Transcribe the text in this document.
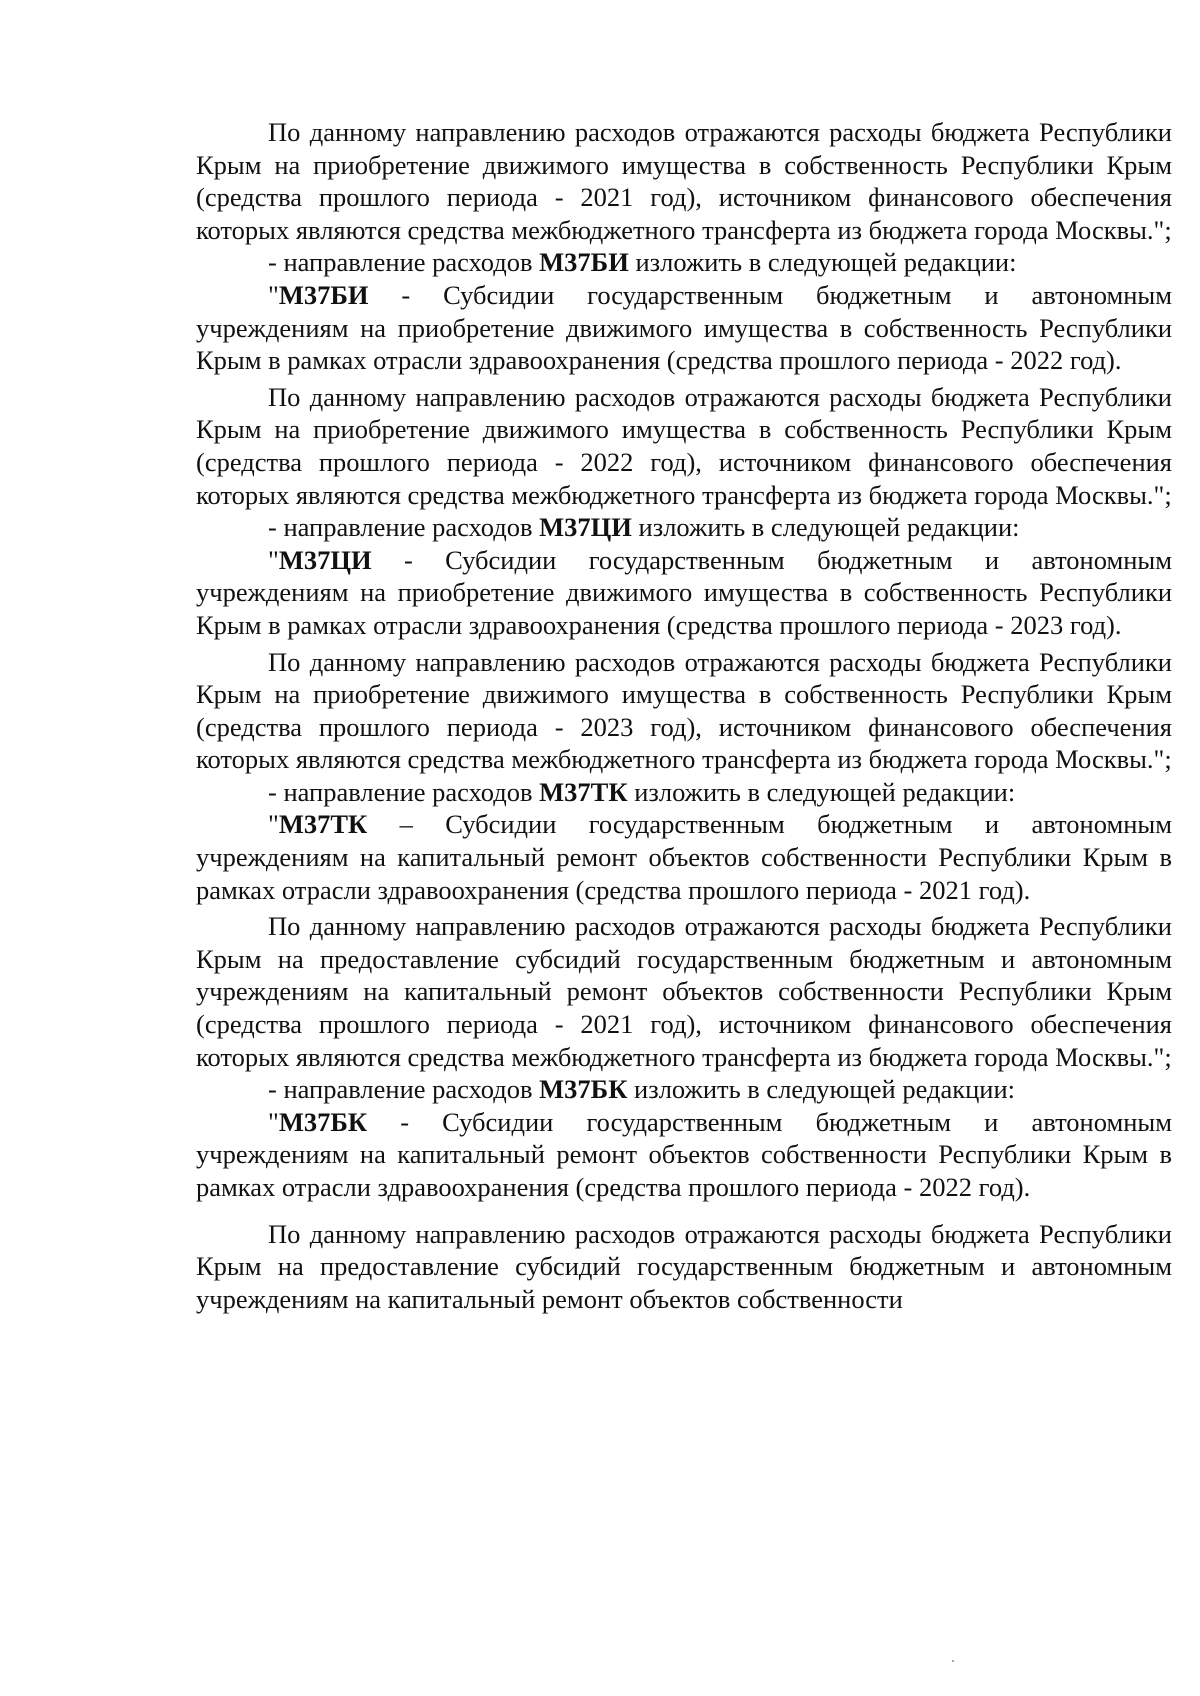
По данному направлению расходов отражаются расходы бюджета Республики Крым на приобретение движимого имущества в собственность Республики Крым (средства прошлого периода - 2021 год), источником финансового обеспечения которых являются средства межбюджетного трансферта из бюджета города Москвы.";

- направление расходов М37БИ изложить в следующей редакции:

"М37БИ - Субсидии государственным бюджетным и автономным учреждениям на приобретение движимого имущества в собственность Республики Крым в рамках отрасли здравоохранения (средства прошлого периода - 2022 год).

По данному направлению расходов отражаются расходы бюджета Республики Крым на приобретение движимого имущества в собственность Республики Крым (средства прошлого периода - 2022 год), источником финансового обеспечения которых являются средства межбюджетного трансферта из бюджета города Москвы.";

- направление расходов М37ЦИ изложить в следующей редакции:

"М37ЦИ - Субсидии государственным бюджетным и автономным учреждениям на приобретение движимого имущества в собственность Республики Крым в рамках отрасли здравоохранения (средства прошлого периода - 2023 год).

По данному направлению расходов отражаются расходы бюджета Республики Крым на приобретение движимого имущества в собственность Республики Крым (средства прошлого периода - 2023 год), источником финансового обеспечения которых являются средства межбюджетного трансферта из бюджета города Москвы.";

- направление расходов М37ТК изложить в следующей редакции:

"М37ТК – Субсидии государственным бюджетным и автономным учреждениям на капитальный ремонт объектов собственности Республики Крым в рамках отрасли здравоохранения (средства прошлого периода - 2021 год).

По данному направлению расходов отражаются расходы бюджета Республики Крым на предоставление субсидий государственным бюджетным и автономным учреждениям на капитальный ремонт объектов собственности Республики Крым (средства прошлого периода - 2021 год), источником финансового обеспечения которых являются средства межбюджетного трансферта из бюджета города Москвы.";

- направление расходов М37БК изложить в следующей редакции:

"М37БК - Субсидии государственным бюджетным и автономным учреждениям на капитальный ремонт объектов собственности Республики Крым в рамках отрасли здравоохранения (средства прошлого периода - 2022 год).

По данному направлению расходов отражаются расходы бюджета Республики Крым на предоставление субсидий государственным бюджетным и автономным учреждениям на капитальный ремонт объектов собственности
